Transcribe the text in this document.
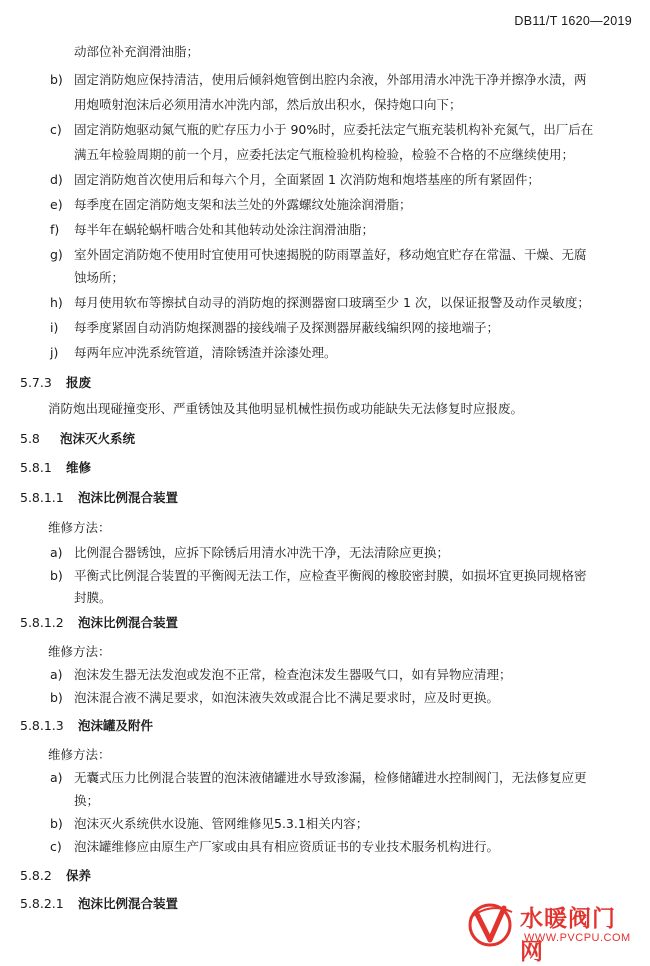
DB11/T 1620—2019
动部位补充润滑油脂；
b) 固定消防炮应保持清洁，使用后倾斜炮管倒出腔内余液，外部用清水冲洗干净并擦净水渍，两
用炮喷射泡沫后必须用清水冲洗内部，然后放出积水，保持炮口向下；
c) 固定消防炮驱动氮气瓶的贮存压力小于 90%时，应委托法定气瓶充装机构补充氮气，出厂后在
满五年检验周期的前一个月，应委托法定气瓶检验机构检验，检验不合格的不应继续使用；
d) 固定消防炮首次使用后和每六个月，全面紧固 1 次消防炮和炮塔基座的所有紧固件；
e) 每季度在固定消防炮支架和法兰处的外露螺纹处施涂润滑脂；
f) 每半年在蜗轮蜗杆啮合处和其他转动处涂注润滑油脂；
g) 室外固定消防炮不使用时宜使用可快速揭脱的防雨罩盖好，移动炮宜贮存在常温、干燥、无腐
蚀场所；
h) 每月使用软布等擦拭自动寻的消防炮的探测器窗口玻璃至少 1 次，以保证报警及动作灵敏度；
i) 每季度紧固自动消防炮探测器的接线端子及探测器屏蔽线编织网的接地端子；
j) 每两年应冲洗系统管道，清除锈渣并涂漆处理。
5.7.3 报废
消防炮出现碰撞变形、严重锈蚀及其他明显机械性损伤或功能缺失无法修复时应报废。
5.8 泡沫灭火系统
5.8.1 维修
5.8.1.1 泡沫比例混合装置
维修方法：
a) 比例混合器锈蚀，应拆下除锈后用清水冲洗干净，无法清除应更换；
b) 平衡式比例混合装置的平衡阀无法工作，应检查平衡阀的橡胶密封膜，如损坏宜更换同规格密
封膜。
5.8.1.2 泡沫比例混合装置
维修方法：
a) 泡沫发生器无法发泡或发泡不正常，检查泡沫发生器吸气口，如有异物应清理；
b) 泡沫混合液不满足要求，如泡沫液失效或混合比不满足要求时，应及时更换。
5.8.1.3 泡沫罐及附件
维修方法：
a) 无囊式压力比例混合装置的泡沫液储罐进水导致渗漏，检修储罐进水控制阀门，无法修复应更
换；
b) 泡沫灭火系统供水设施、管网维修见5.3.1相关内容；
c) 泡沫罐维修应由原生产厂家或由具有相应资质证书的专业技术服务机构进行。
5.8.2 保养
5.8.2.1 泡沫比例混合装置
水暖阀门网
WWW.PVCPU.COM
